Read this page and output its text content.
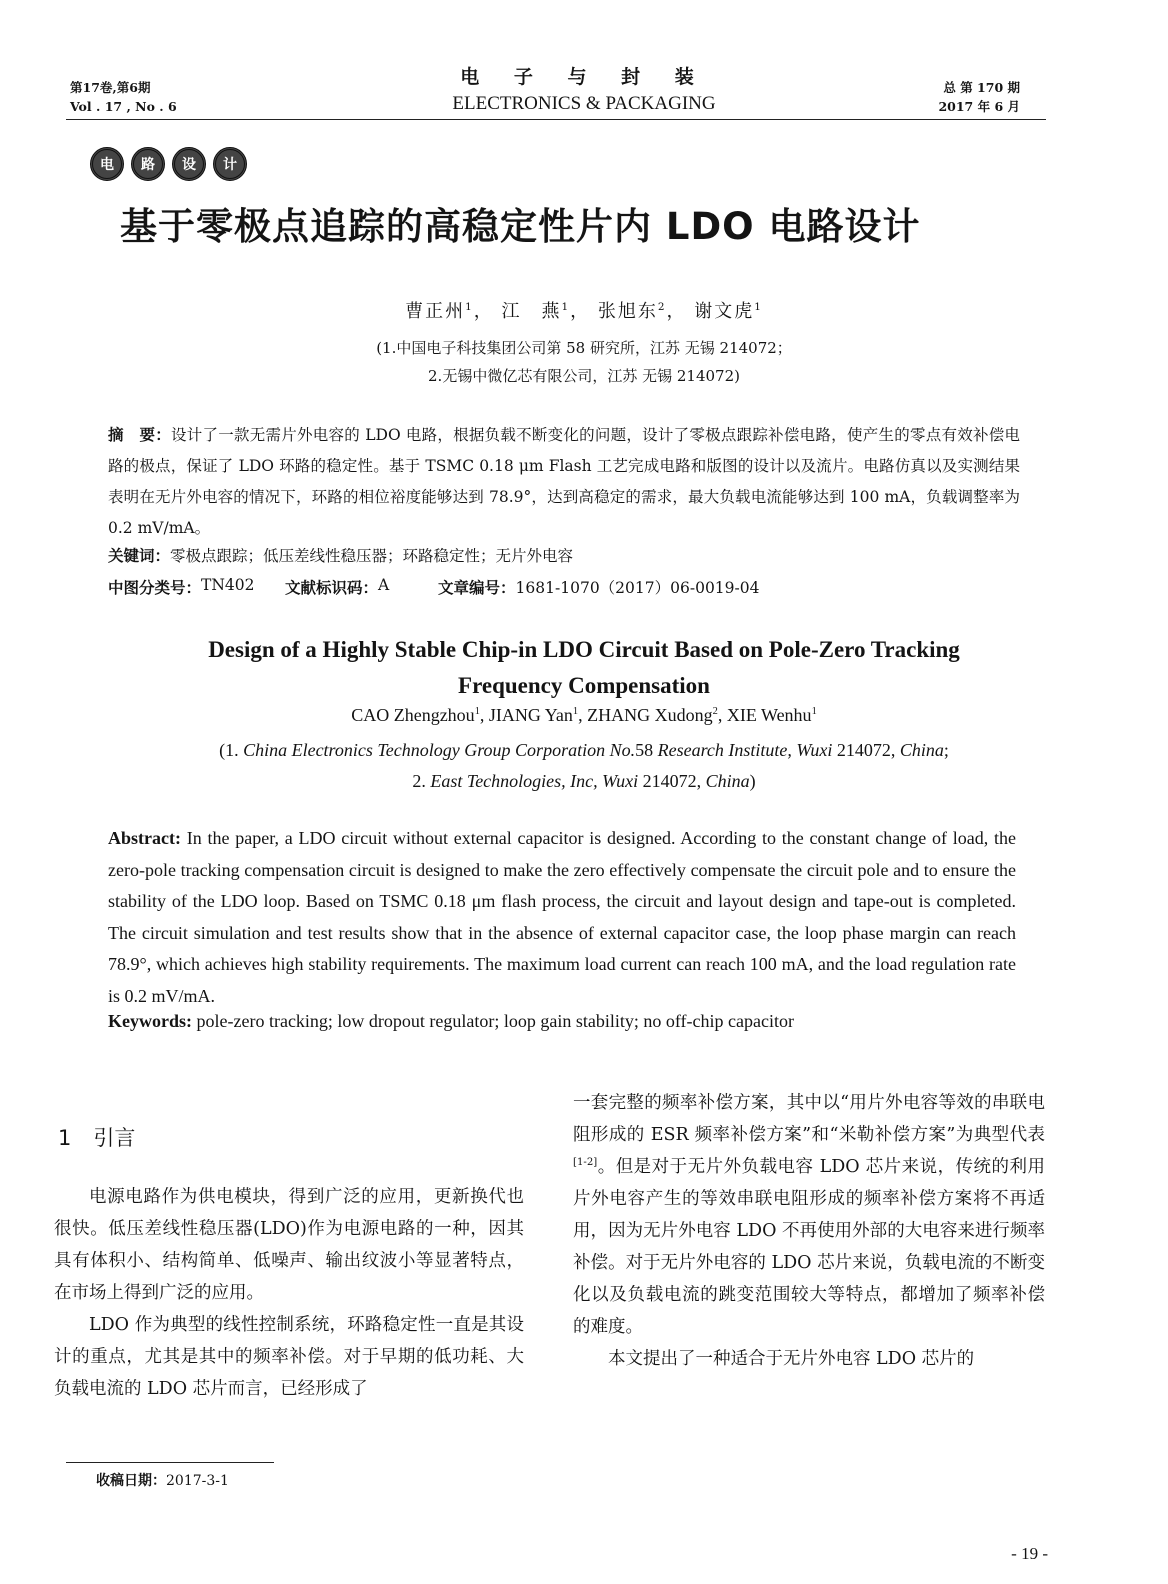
第17卷,第6期
Vol . 17 , No . 6
电 子 与 封 装
ELECTRONICS & PACKAGING
总 第 170 期
2017 年 6 月
电	路	设	计
基于零极点追踪的高稳定性片内 LDO 电路设计
曹正州$^1$， 江　燕$^1$， 张旭东$^2$， 谢文虎$^1$
(1.中国电子科技集团公司第 58 研究所，江苏 无锡 214072；
2.无锡中微亿芯有限公司，江苏 无锡 214072)
摘　要：设计了一款无需片外电容的 LDO 电路，根据负载不断变化的问题，设计了零极点跟踪补偿电路，使产生的零点有效补偿电路的极点，保证了 LDO 环路的稳定性。基于 TSMC 0.18 μm Flash 工艺完成电路和版图的设计以及流片。电路仿真以及实测结果表明在无片外电容的情况下，环路的相位裕度能够达到 78.9°，达到高稳定的需求，最大负载电流能够达到 100 mA，负载调整率为 0.2 mV/mA。
关键词：零极点跟踪；低压差线性稳压器；环路稳定性；无片外电容
中图分类号： TN402	文献标识码： A	文章编号： 1681-1070（2017）06-0019-04
Design of a Highly Stable Chip-in LDO Circuit Based on Pole-Zero Tracking
Frequency Compensation
CAO Zhengzhou$^1$, JIANG Yan$^1$, ZHANG Xudong$^2$, XIE Wenhu$^1$
(1. China Electronics Technology Group Corporation No.58 Research Institute, Wuxi 214072, China;
2. East Technologies, Inc, Wuxi 214072, China)
Abstract: In the paper, a LDO circuit without external capacitor is designed. According to the constant change of load, the zero-pole tracking compensation circuit is designed to make the zero effectively compensate the circuit pole and to ensure the stability of the LDO loop. Based on TSMC 0.18 μm flash process, the circuit and layout design and tape-out is completed. The circuit simulation and test results show that in the absence of external capacitor case, the loop phase margin can reach 78.9°, which achieves high stability requirements. The maximum load current can reach 100 mA, and the load regulation rate is 0.2 mV/mA.
Keywords: pole-zero tracking; low dropout regulator; loop gain stability; no off-chip capacitor
1 引言

电源电路作为供电模块，得到广泛的应用，更新换代也很快。低压差线性稳压器(LDO)作为电源电路的一种，因其具有体积小、结构简单、低噪声、输出纹波小等显著特点，在市场上得到广泛的应用。

LDO 作为典型的线性控制系统，环路稳定性一直是其设计的重点，尤其是其中的频率补偿。对于早期的低功耗、大负载电流的 LDO 芯片而言，已经形成了

一套完整的频率补偿方案，其中以“用片外电容等效的串联电阻形成的 ESR 频率补偿方案”和“米勒补偿方案”为典型代表[1-2]。但是对于无片外负载电容 LDO 芯片来说，传统的利用片外电容产生的等效串联电阻形成的频率补偿方案将不再适用，因为无片外电容 LDO 不再使用外部的大电容来进行频率补偿。对于无片外电容的 LDO 芯片来说，负载电流的不断变化以及负载电流的跳变范围较大等特点，都增加了频率补偿的难度。

本文提出了一种适合于无片外电容 LDO 芯片的

收稿日期：2017-3-1
- 19 -
